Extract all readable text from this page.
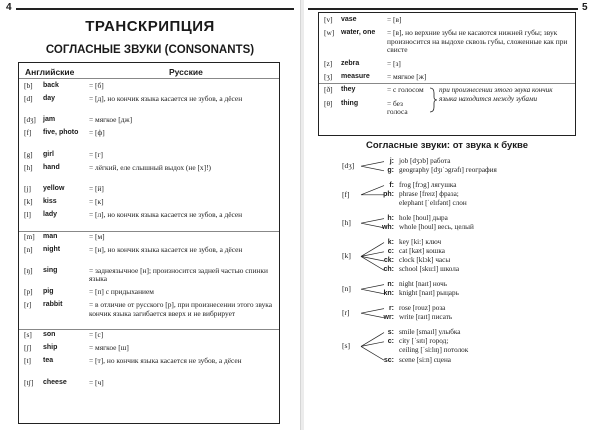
4
ТРАНСКРИПЦИЯ
СОГЛАСНЫЕ ЗВУКИ (CONSONANTS)
Английские	Русские
[b] back	= [б]
[d] day	= [д], но кончик языка касается не зубов, а дёсен
[dʒ] jam	= мягкое [дж]
[f] five, photo	= [ф]
[g] girl	= [г]
[h] hand	= лёгкий, еле слышный выдох (не [х]!)
[j] yellow	= [й]
[k] kiss	= [к]
[l] lady	= [л], но кончик языка касается не зубов, а дёсен
[m] man	= [м]
[n] night	= [н], но кончик языка касается не зубов, а дёсен
[ŋ] sing	= заднеязычное [н]; произносится задней частью спинки языка
[p] pig	= [п] с придыханием
[r] rabbit	= в отличие от русского [р], при произнесении этого звука кончик языка загибается вверх и не вибрирует
[s] son	= [с]
[ʃ] ship	= мягкое [ш]
[t] tea	= [т], но кончик языка касается не зубов, а дёсен
[tʃ] cheese	= [ч]
5
[v] vase	= [в]
[w] water, one	= [в], но верхние зубы не касаются нижней губы; звук произносится на выдохе сквозь губы, сложенные как при свисте
[z] zebra	= [з]
[ʒ] measure = мягкое [ж]
[ð] they	= с голосом
[θ] thing	= без голоса
при произнесении этого звука кончик языка находится между зубами
Согласные звуки: от звука к букве
[dʒ]	j: job [dʒɔb] работа
g: geography [dʒɪˈɔgrəfɪ] география
[f]
f: frog [frɔg] лягушка
ph: phrase [freɪz] фраза;
elephant [ˈelɪfənt] слон
[h]	h: hole [houl] дыра
wh: whole [houl] весь, целый
[k]
k: key [ki:] ключ
c: cat [kæt] кошка
ck: clock [klɔk] часы
ch: school [sku:l] школа
[n]	n: night [naɪt] ночь
kn: knight [naɪt] рыцарь
[r]	r: rose [rouz] роза
wr: write [raɪt] писать
[s]
s: smile [smaɪl] улыбка
c: city [ˈsɪtɪ] город;
ceiling [ˈsi:lɪŋ] потолок
sc: scene [si:n] сцена
